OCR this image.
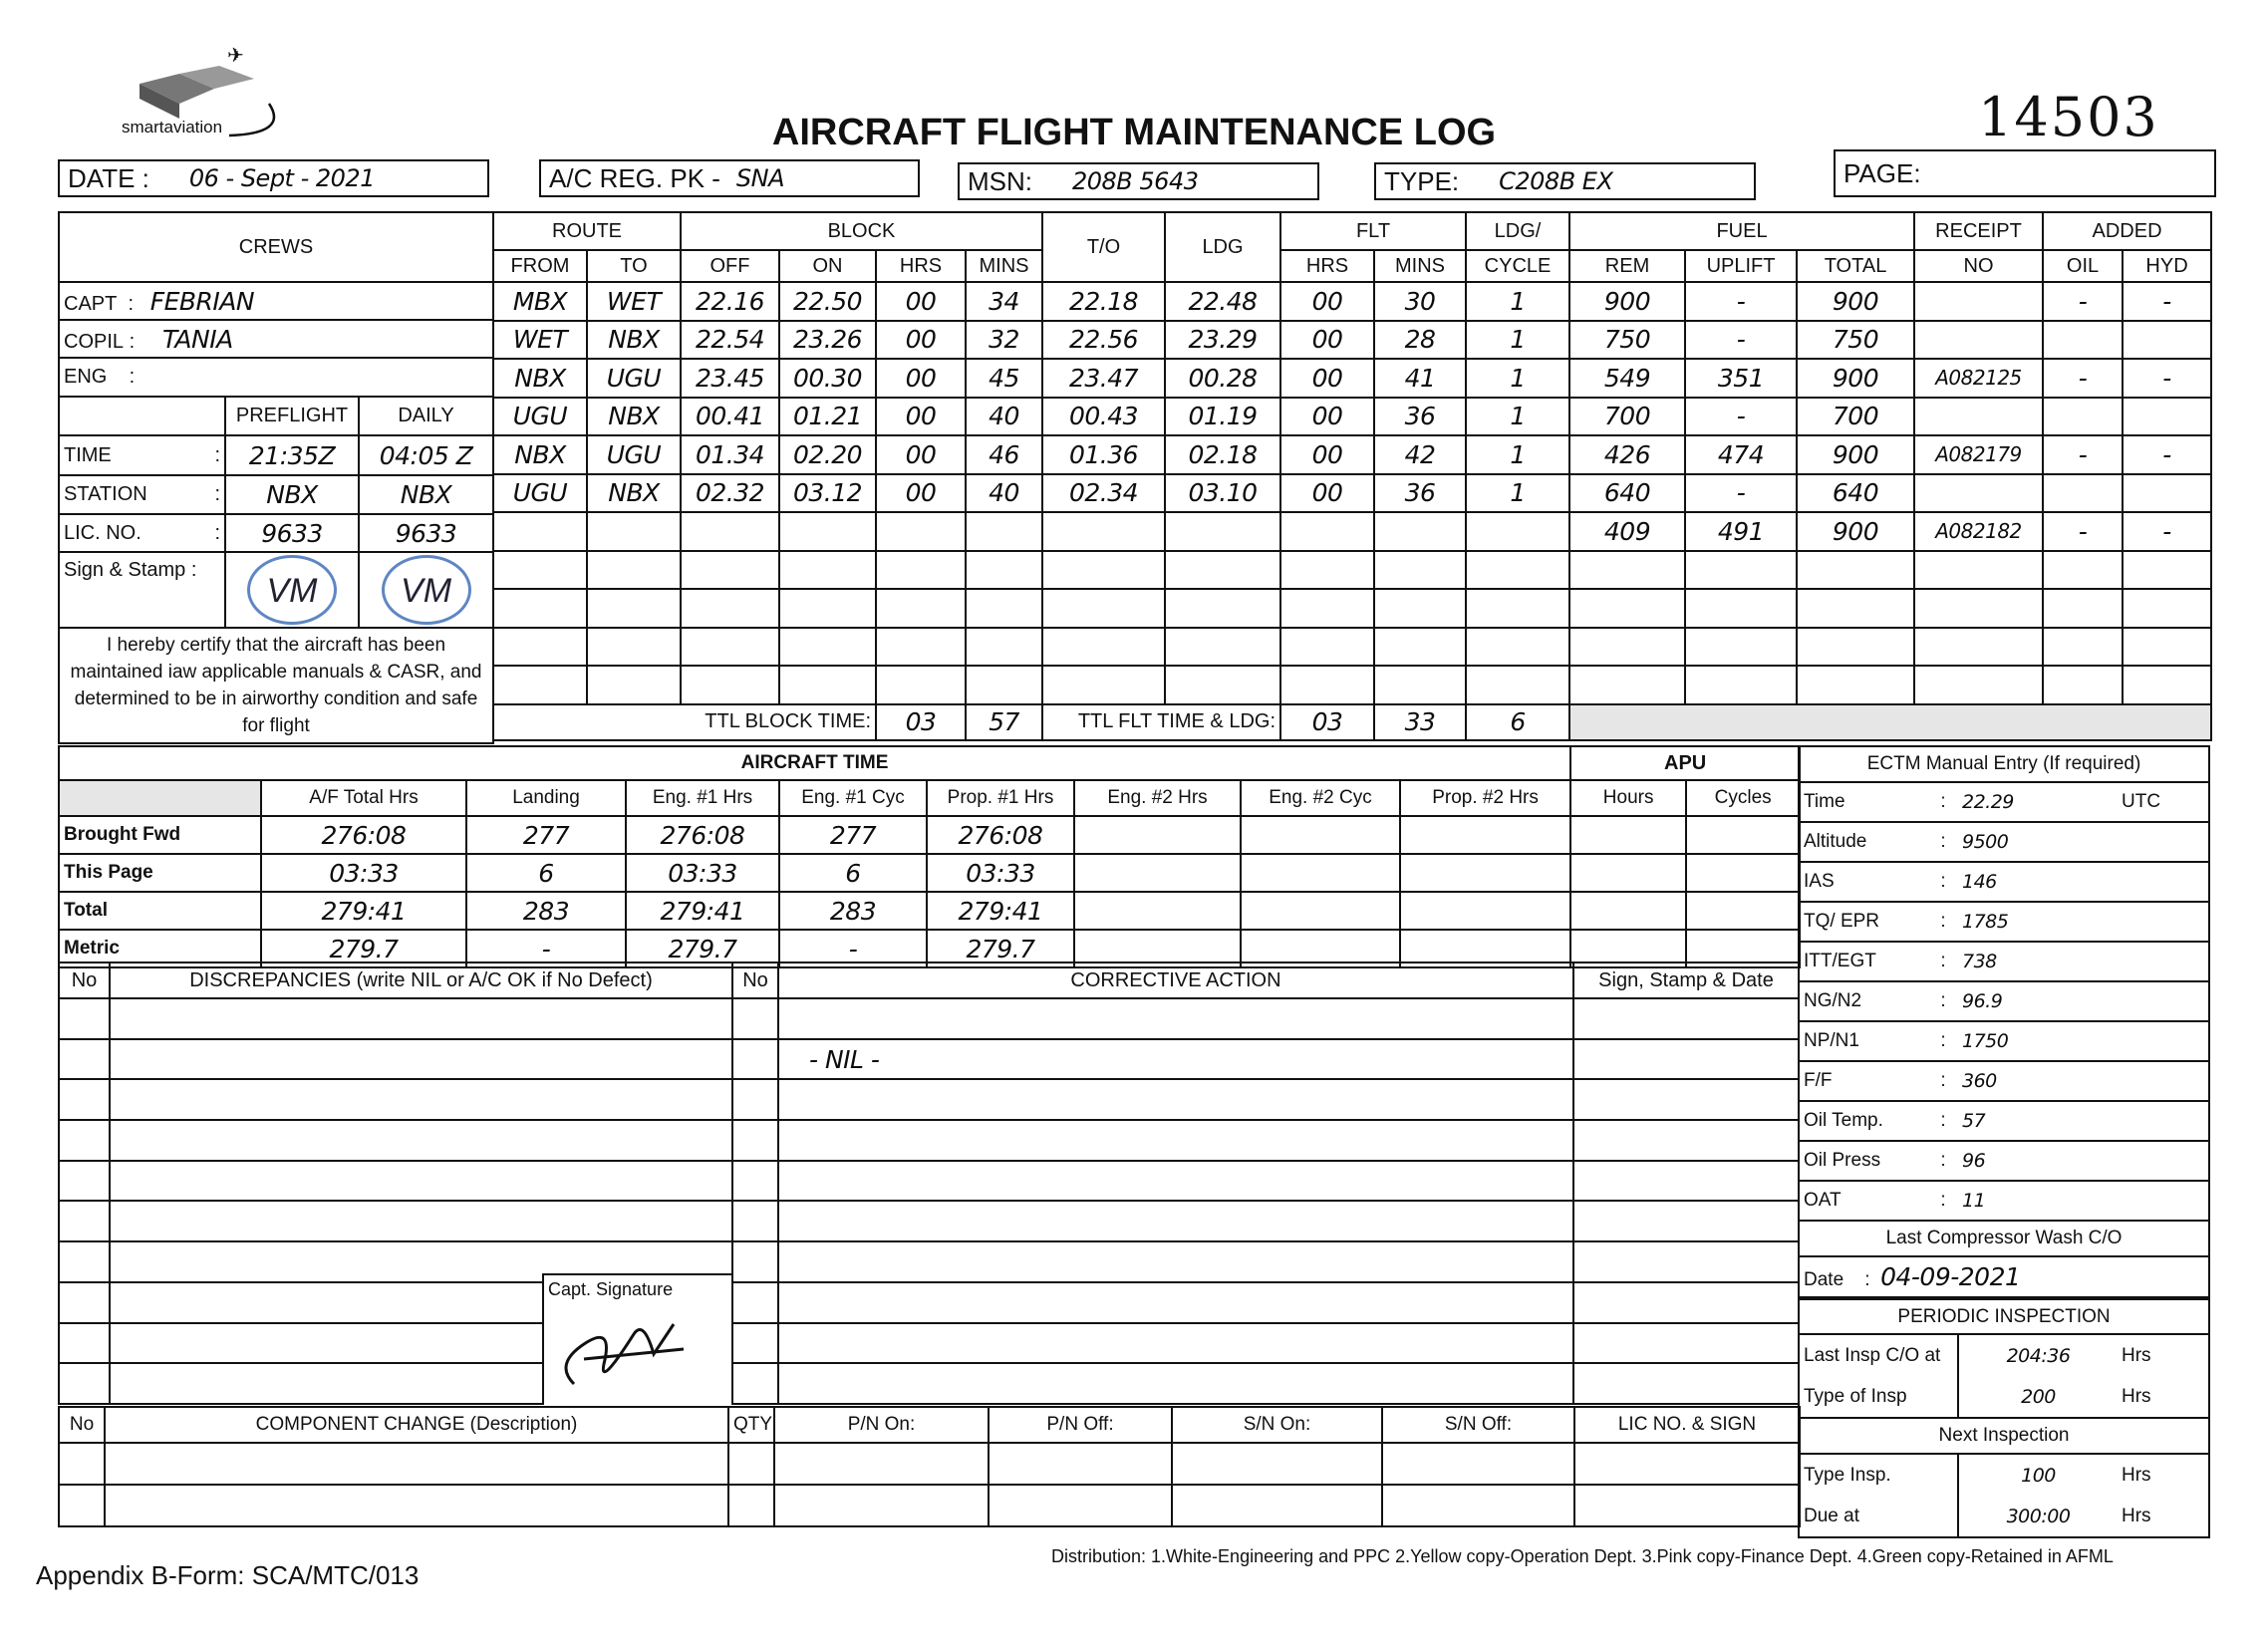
✈
smartaviation	AIRCRAFT FLIGHT MAINTENANCE LOG	14503
DATE : 06 - Sept - 2021	A/C REG. PK - SNA	MSN: 208B 5643	TYPE: C208B EX	PAGE:
CREWS		
CAPT  :   FEBRIAN		
COPIL :     TANIA		
ENG    :		
	PREFLIGHT	DAILY
TIME :	21:35Z	04:05 Z
STATION :	NBX	NBX
LIC. NO. :	9633	9633
Sign & Stamp :	VM	VM
I hereby certify that the aircraft has been maintained iaw applicable manuals & CASR, and determined to be in airworthy condition and safe for flight		
ROUTE		BLOCK				T/O	LDG	FLT		LDG/	FUEL			RECEIPT	ADDED	
FROM	TO	OFF	ON	HRS	MINS			HRS	MINS	CYCLE	REM	UPLIFT	TOTAL	NO	OIL	HYD
MBX	WET	22.16	22.50	00	34	22.18	22.48	00	30	1	900	-	900		-	-
WET	NBX	22.54	23.26	00	32	22.56	23.29	00	28	1	750	-	750			
NBX	UGU	23.45	00.30	00	45	23.47	00.28	00	41	1	549	351	900	A082125	-	-
UGU	NBX	00.41	01.21	00	40	00.43	01.19	00	36	1	700	-	700			
NBX	UGU	01.34	02.20	00	46	01.36	02.18	00	42	1	426	474	900	A082179	-	-
UGU	NBX	02.32	03.12	00	40	02.34	03.10	00	36	1	640	-	640			
											409	491	900	A082182	-	-

TTL BLOCK TIME:				03	57	TTL FLT TIME & LDG:		03	33	6						
AIRCRAFT TIME									APU	
	A/F Total Hrs	Landing	Eng. #1 Hrs	Eng. #1 Cyc	Prop. #1 Hrs	Eng. #2 Hrs	Eng. #2 Cyc	Prop. #2 Hrs	Hours	Cycles
Brought Fwd	276:08	277	276:08	277	276:08					
This Page	03:33	6	03:33	6	03:33					
Total	279:41	283	279:41	283	279:41					
Metric	279.7	-	279.7	-	279.7					
ECTM Manual Entry (If required)			
Time	:	22.29	UTC
Altitude	:	9500	
IAS	:	146	
TQ/ EPR	:	1785	
ITT/EGT	:	738	
NG/N2	:	96.9	
NP/N1	:	1750	
F/F	:	360	
Oil Temp.	:	57	
Oil Press	:	96	
OAT	:	11	
Last Compressor Wash C/O			
Date    :  04-09-2021			
PERIODIC INSPECTION			
Last Insp C/O at		204:36	Hrs
Type of Insp		200	Hrs
Next Inspection			
Type Insp.		100	Hrs
Due at		300:00	Hrs
No	DISCREPANCIES (write NIL or A/C OK if No Defect)	No	CORRECTIVE ACTION	Sign, Stamp & Date

			- NIL -	

Capt. Signature
No	COMPONENT CHANGE (Description)	QTY	P/N On:	P/N Off:	S/N On:	S/N Off:	LIC NO. & SIGN

Distribution: 1.White-Engineering and PPC 2.Yellow copy-Operation Dept. 3.Pink copy-Finance Dept. 4.Green copy-Retained in AFML
Appendix B-Form: SCA/MTC/013
